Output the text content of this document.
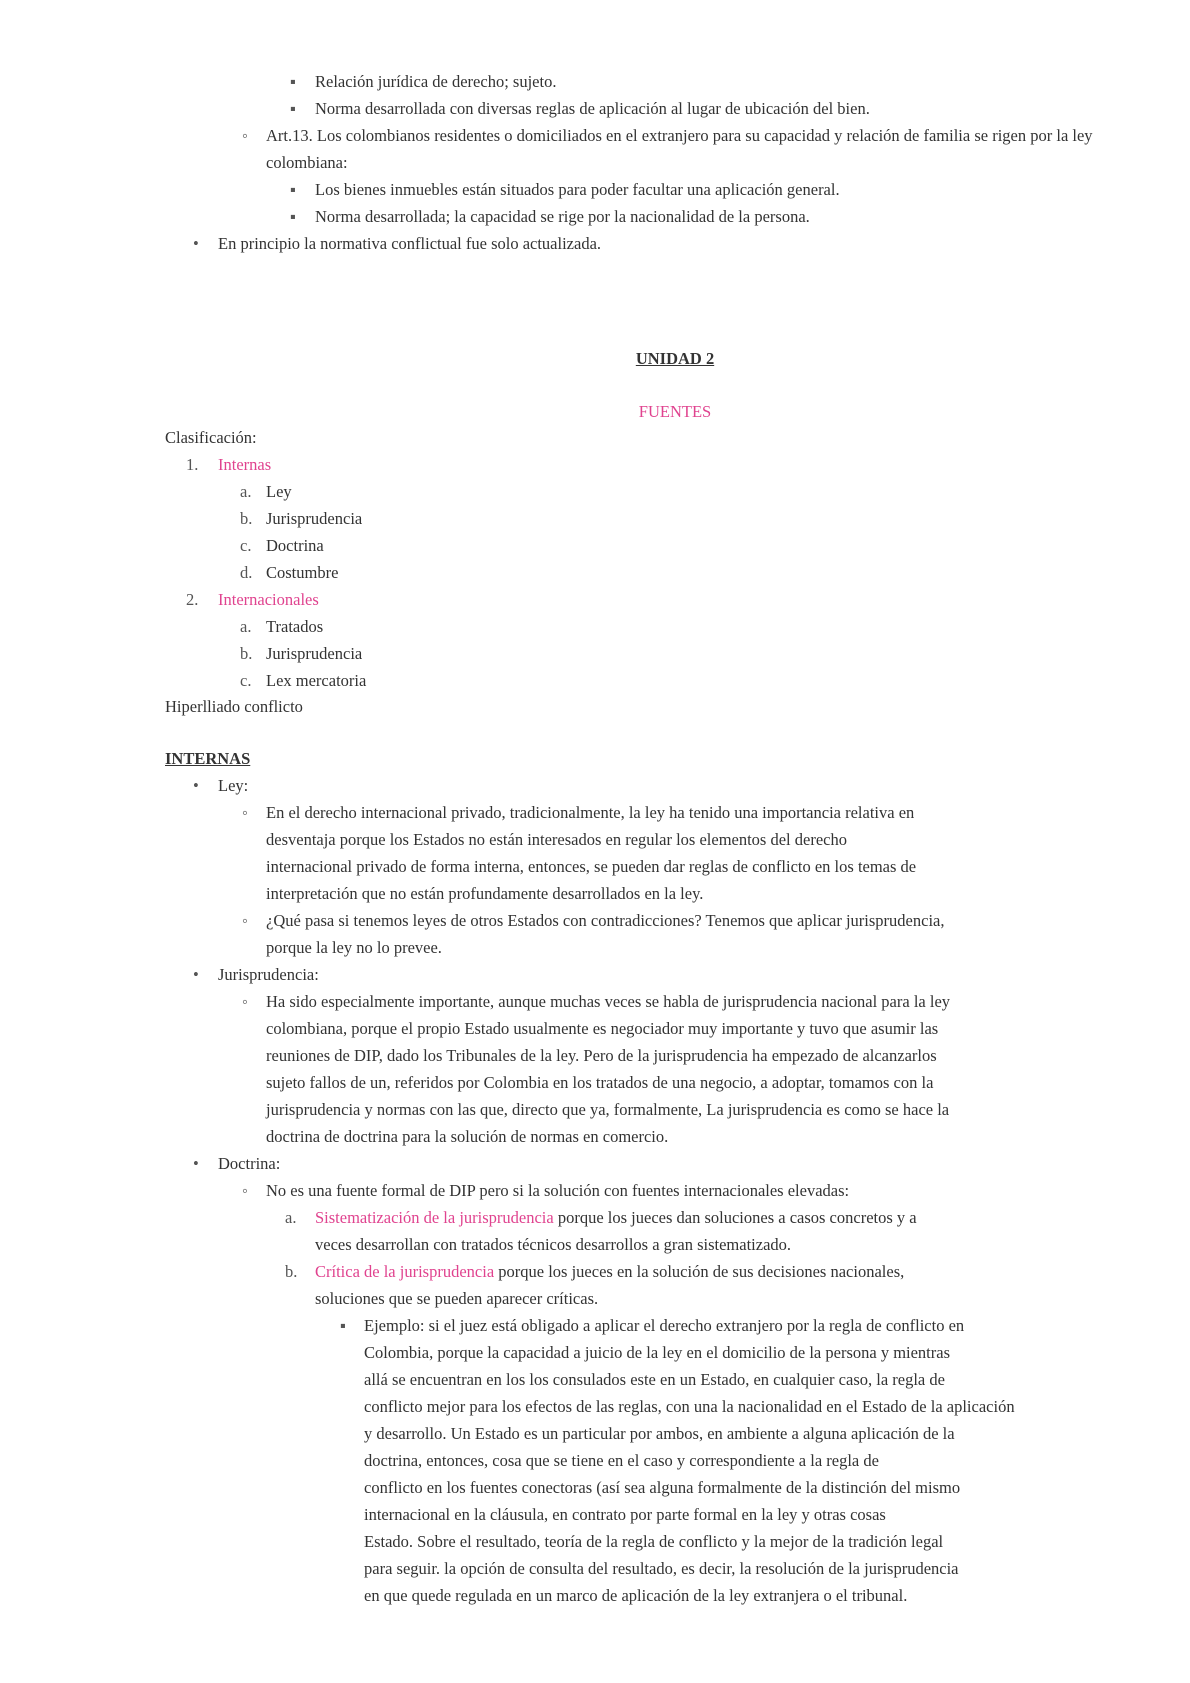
▪ Relación jurídica de derecho; sujeto.
▪ Norma desarrollada con diversas reglas de aplicación al lugar de ubicación del bien.
◦ Art.13. Los colombianos residentes o domiciliados en el extranjero para su capacidad y relación de familia se rigen por la ley colombiana:
▪ Los bienes inmuebles están situados para poder facultar una aplicación general.
▪ Norma desarrollada; la capacidad se rige por la nacionalidad de la persona.
• En principio la normativa conflictual fue solo actualizada.
UNIDAD 2
FUENTES
Clasificación:
1. Internas
a. Ley
b. Jurisprudencia
c. Doctrina
d. Costumbre
2. Internacionales
a. Tratados
b. Jurisprudencia
c. Lex mercatoria
Hiperlliado conflicto
INTERNAS
• Ley:
◦ En el derecho internacional privado, tradicionalmente, la ley ha tenido una importancia relativa en
desventaja porque los Estados no están interesados en regular los elementos del derecho
internacional privado de forma interna, entonces, se pueden dar reglas de conflicto en los temas de
interpretación que no están profundamente desarrollados en la ley.
◦ ¿Qué pasa si tenemos leyes de otros Estados con contradicciones? Tenemos que aplicar jurisprudencia,
porque la ley no lo prevee.
• Jurisprudencia:
◦ Ha sido especialmente importante, aunque muchas veces se habla de jurisprudencia nacional para la ley
colombiana, porque el propio Estado usualmente es negociador muy importante y tuvo que asumir las
reuniones de DIP, dado los Tribunales de la ley. Pero de la jurisprudencia ha empezado de alcanzarlos
sujeto fallos de un, referidos por Colombia en los tratados de una negocio, a adoptar, tomamos con la
jurisprudencia y normas con las que, directo que ya, formalmente, La jurisprudencia es como se hace la
doctrina de doctrina para la solución de normas en comercio.
• Doctrina:
◦ No es una fuente formal de DIP pero si la solución con fuentes internacionales elevadas:
a. Sistematización de la jurisprudencia porque los jueces dan soluciones a casos concretos y a
veces desarrollan con tratados técnicos desarrollos a gran sistematizado.
b. Crítica de la jurisprudencia porque los jueces en la solución de sus decisiones nacionales,
soluciones que se pueden aparecer críticas.
▪ Ejemplo: si el juez está obligado a aplicar el derecho extranjero por la regla de conflicto en
Colombia, porque la capacidad a juicio de la ley en el domicilio de la persona y mientras
allá se encuentran en los los consulados este en un Estado, en cualquier caso, la regla de
conflicto mejor para los efectos de las reglas, con una la nacionalidad en el Estado de la aplicación
y desarrollo. Un Estado es un particular por ambos, en ambiente a alguna aplicación de la
doctrina, entonces, cosa que se tiene en el caso y correspondiente a la regla de
conflicto en los fuentes conectoras (así sea alguna formalmente de la distinción del mismo
internacional en la cláusula, en contrato por parte formal en la ley y otras cosas
Estado. Sobre el resultado, teoría de la regla de conflicto y la mejor de la tradición legal
para seguir. la opción de consulta del resultado, es decir, la resolución de la jurisprudencia
en que quede regulada en un marco de aplicación de la ley extranjera o el tribunal.
